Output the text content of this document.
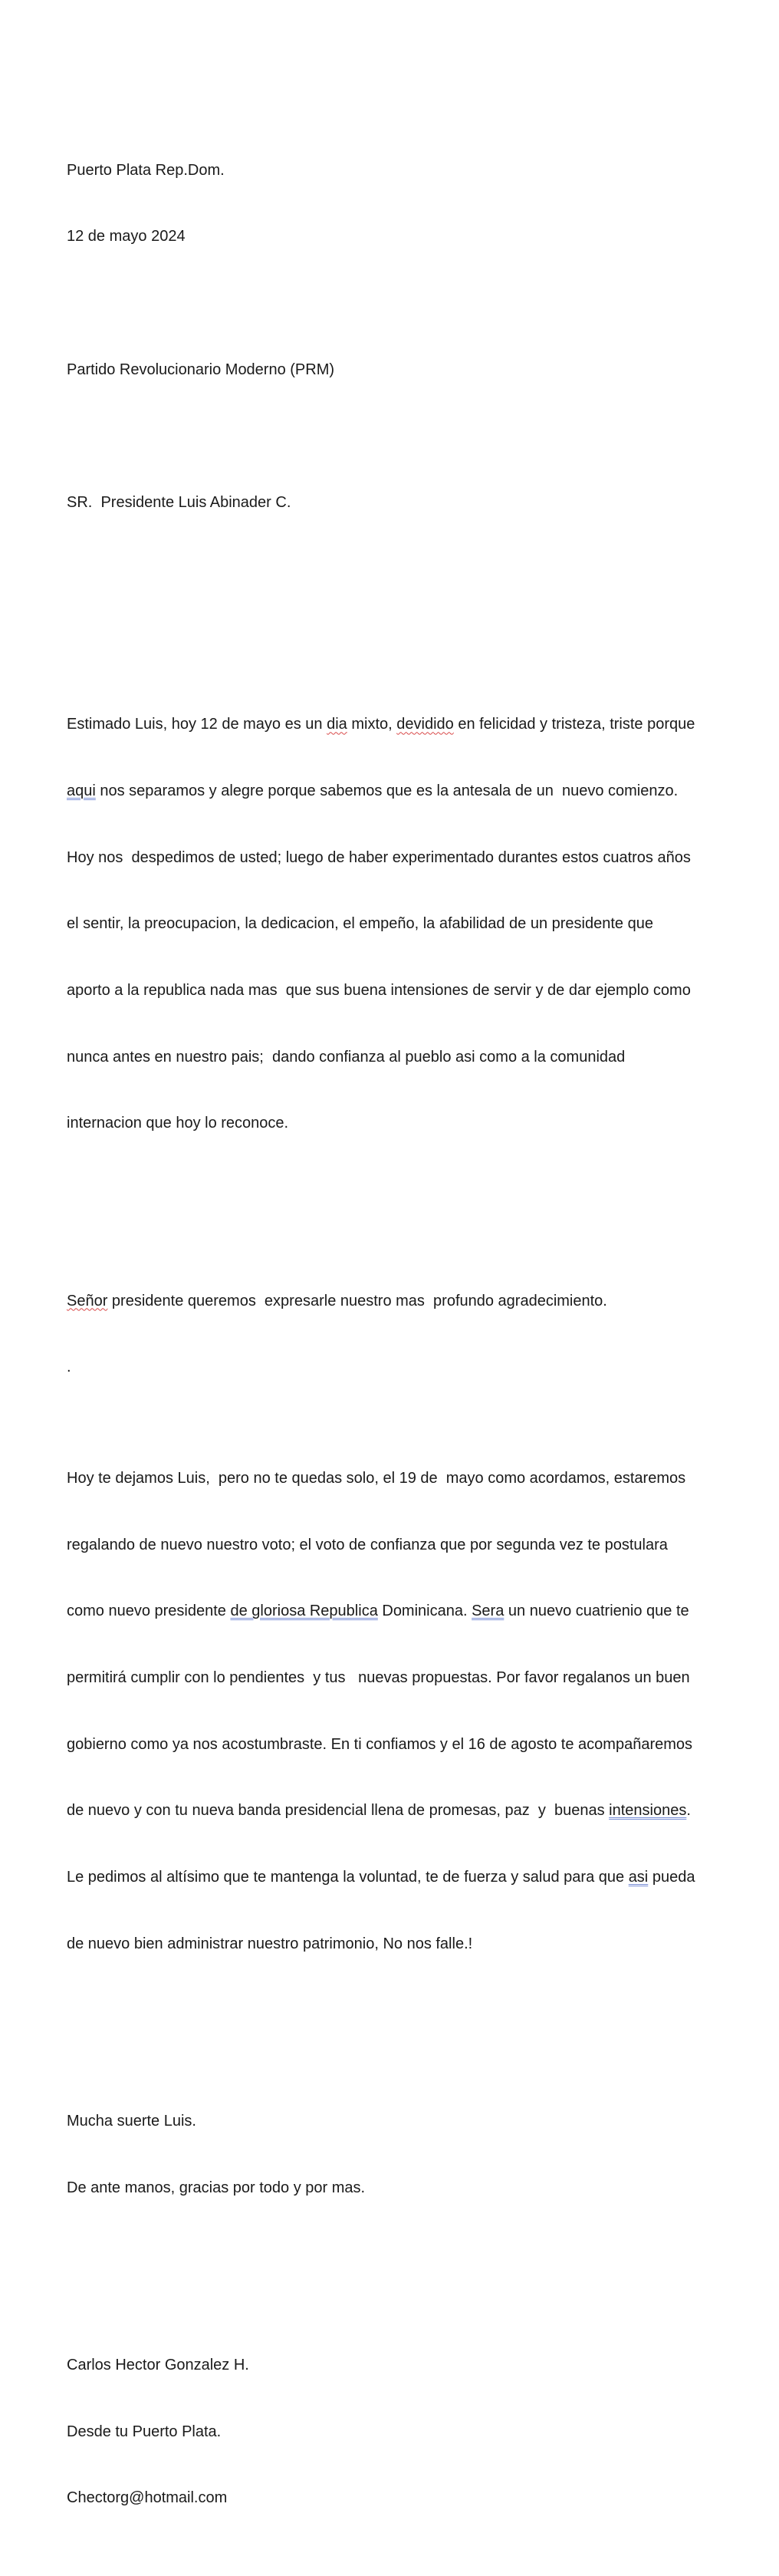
Puerto Plata Rep.Dom.

12 de mayo 2024

Partido Revolucionario Moderno (PRM)

SR.  Presidente Luis Abinader C.

Estimado Luis, hoy 12 de mayo es un dia mixto, devidido en felicidad y tristeza, triste porque

aqui nos separamos y alegre porque sabemos que es la antesala de un  nuevo comienzo.

Hoy nos  despedimos de usted; luego de haber experimentado durantes estos cuatros años

el sentir, la preocupacion, la dedicacion, el empeño, la afabilidad de un presidente que

aporto a la republica nada mas  que sus buena intensiones de servir y de dar ejemplo como

nunca antes en nuestro pais;  dando confianza al pueblo asi como a la comunidad

internacion que hoy lo reconoce.

Señor presidente queremos  expresarle nuestro mas  profundo agradecimiento.

.

Hoy te dejamos Luis,  pero no te quedas solo, el 19 de  mayo como acordamos, estaremos

regalando de nuevo nuestro voto; el voto de confianza que por segunda vez te postulara

como nuevo presidente de gloriosa Republica Dominicana. Sera un nuevo cuatrienio que te

permitirá cumplir con lo pendientes  y tus   nuevas propuestas. Por favor regalanos un buen

gobierno como ya nos acostumbraste. En ti confiamos y el 16 de agosto te acompañaremos

de nuevo y con tu nueva banda presidencial llena de promesas, paz  y  buenas intensiones.

Le pedimos al altísimo que te mantenga la voluntad, te de fuerza y salud para que asi pueda

de nuevo bien administrar nuestro patrimonio, No nos falle.!

Mucha suerte Luis.

De ante manos, gracias por todo y por mas.

Carlos Hector Gonzalez H.

Desde tu Puerto Plata.

Chectorg@hotmail.com
